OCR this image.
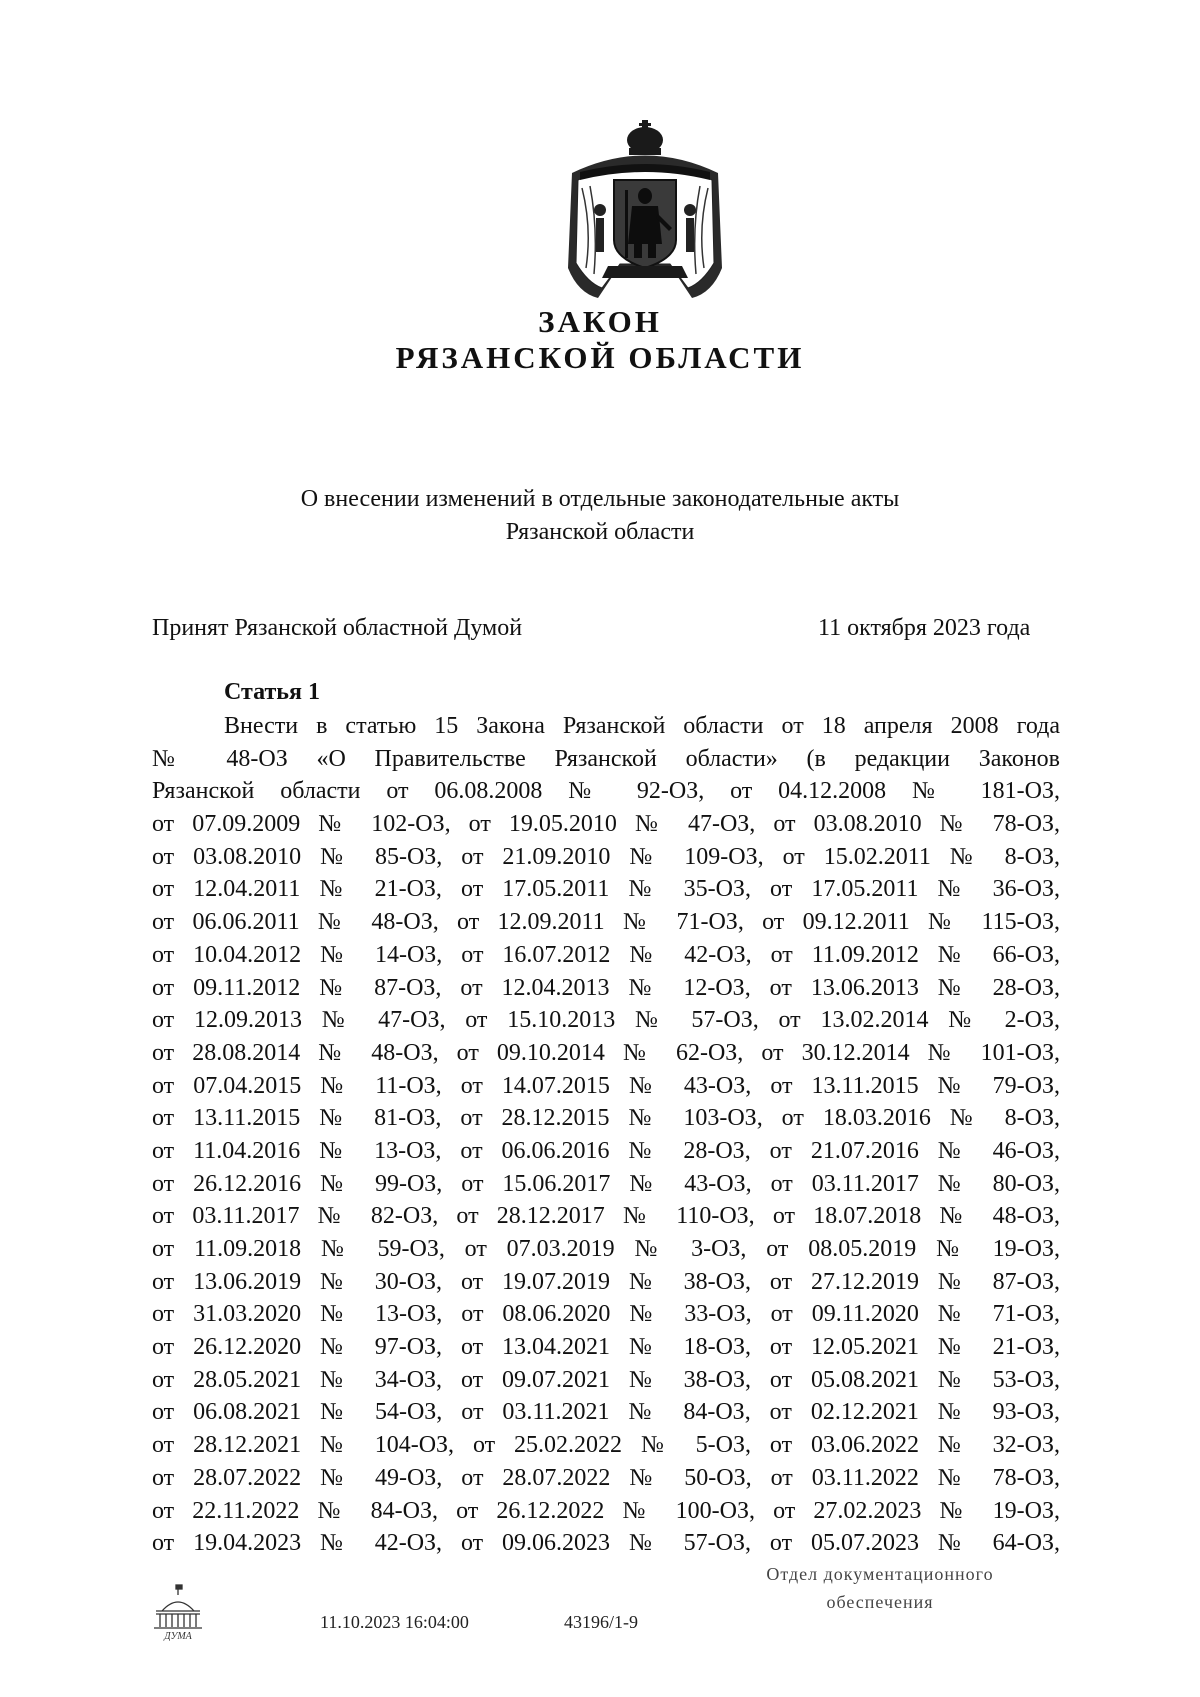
ЗАКОН
РЯЗАНСКОЙ ОБЛАСТИ
О внесении изменений в отдельные законодательные акты
Рязанской области
Принят Рязанской областной Думой	11 октября 2023 года
Статья 1
Внести в статью 15 Закона Рязанской области от 18 апреля 2008 года
№ 48-ОЗ «О Правительстве Рязанской области» (в редакции Законов
Рязанской области от 06.08.2008 № 92-ОЗ, от 04.12.2008 № 181-ОЗ,
от 07.09.2009 № 102-ОЗ, от 19.05.2010 № 47-ОЗ, от 03.08.2010 № 78-ОЗ,
от 03.08.2010 № 85-ОЗ, от 21.09.2010 № 109-ОЗ, от 15.02.2011 № 8-ОЗ,
от 12.04.2011 № 21-ОЗ, от 17.05.2011 № 35-ОЗ, от 17.05.2011 № 36-ОЗ,
от 06.06.2011 № 48-ОЗ, от 12.09.2011 № 71-ОЗ, от 09.12.2011 № 115-ОЗ,
от 10.04.2012 № 14-ОЗ, от 16.07.2012 № 42-ОЗ, от 11.09.2012 № 66-ОЗ,
от 09.11.2012 № 87-ОЗ, от 12.04.2013 № 12-ОЗ, от 13.06.2013 № 28-ОЗ,
от 12.09.2013 № 47-ОЗ, от 15.10.2013 № 57-ОЗ, от 13.02.2014 № 2-ОЗ,
от 28.08.2014 № 48-ОЗ, от 09.10.2014 № 62-ОЗ, от 30.12.2014 № 101-ОЗ,
от 07.04.2015 № 11-ОЗ, от 14.07.2015 № 43-ОЗ, от 13.11.2015 № 79-ОЗ,
от 13.11.2015 № 81-ОЗ, от 28.12.2015 № 103-ОЗ, от 18.03.2016 № 8-ОЗ,
от 11.04.2016 № 13-ОЗ, от 06.06.2016 № 28-ОЗ, от 21.07.2016 № 46-ОЗ,
от 26.12.2016 № 99-ОЗ, от 15.06.2017 № 43-ОЗ, от 03.11.2017 № 80-ОЗ,
от 03.11.2017 № 82-ОЗ, от 28.12.2017 № 110-ОЗ, от 18.07.2018 № 48-ОЗ,
от 11.09.2018 № 59-ОЗ, от 07.03.2019 № 3-ОЗ, от 08.05.2019 № 19-ОЗ,
от 13.06.2019 № 30-ОЗ, от 19.07.2019 № 38-ОЗ, от 27.12.2019 № 87-ОЗ,
от 31.03.2020 № 13-ОЗ, от 08.06.2020 № 33-ОЗ, от 09.11.2020 № 71-ОЗ,
от 26.12.2020 № 97-ОЗ, от 13.04.2021 № 18-ОЗ, от 12.05.2021 № 21-ОЗ,
от 28.05.2021 № 34-ОЗ, от 09.07.2021 № 38-ОЗ, от 05.08.2021 № 53-ОЗ,
от 06.08.2021 № 54-ОЗ, от 03.11.2021 № 84-ОЗ, от 02.12.2021 № 93-ОЗ,
от 28.12.2021 № 104-ОЗ, от 25.02.2022 № 5-ОЗ, от 03.06.2022 № 32-ОЗ,
от 28.07.2022 № 49-ОЗ, от 28.07.2022 № 50-ОЗ, от 03.11.2022 № 78-ОЗ,
от 22.11.2022 № 84-ОЗ, от 26.12.2022 № 100-ОЗ, от 27.02.2023 № 19-ОЗ,
от 19.04.2023 № 42-ОЗ, от 09.06.2023 № 57-ОЗ, от 05.07.2023 № 64-ОЗ,
ДУМА
11.10.2023 16:04:00	43196/1-9
Отдел документационного
обеспечения
